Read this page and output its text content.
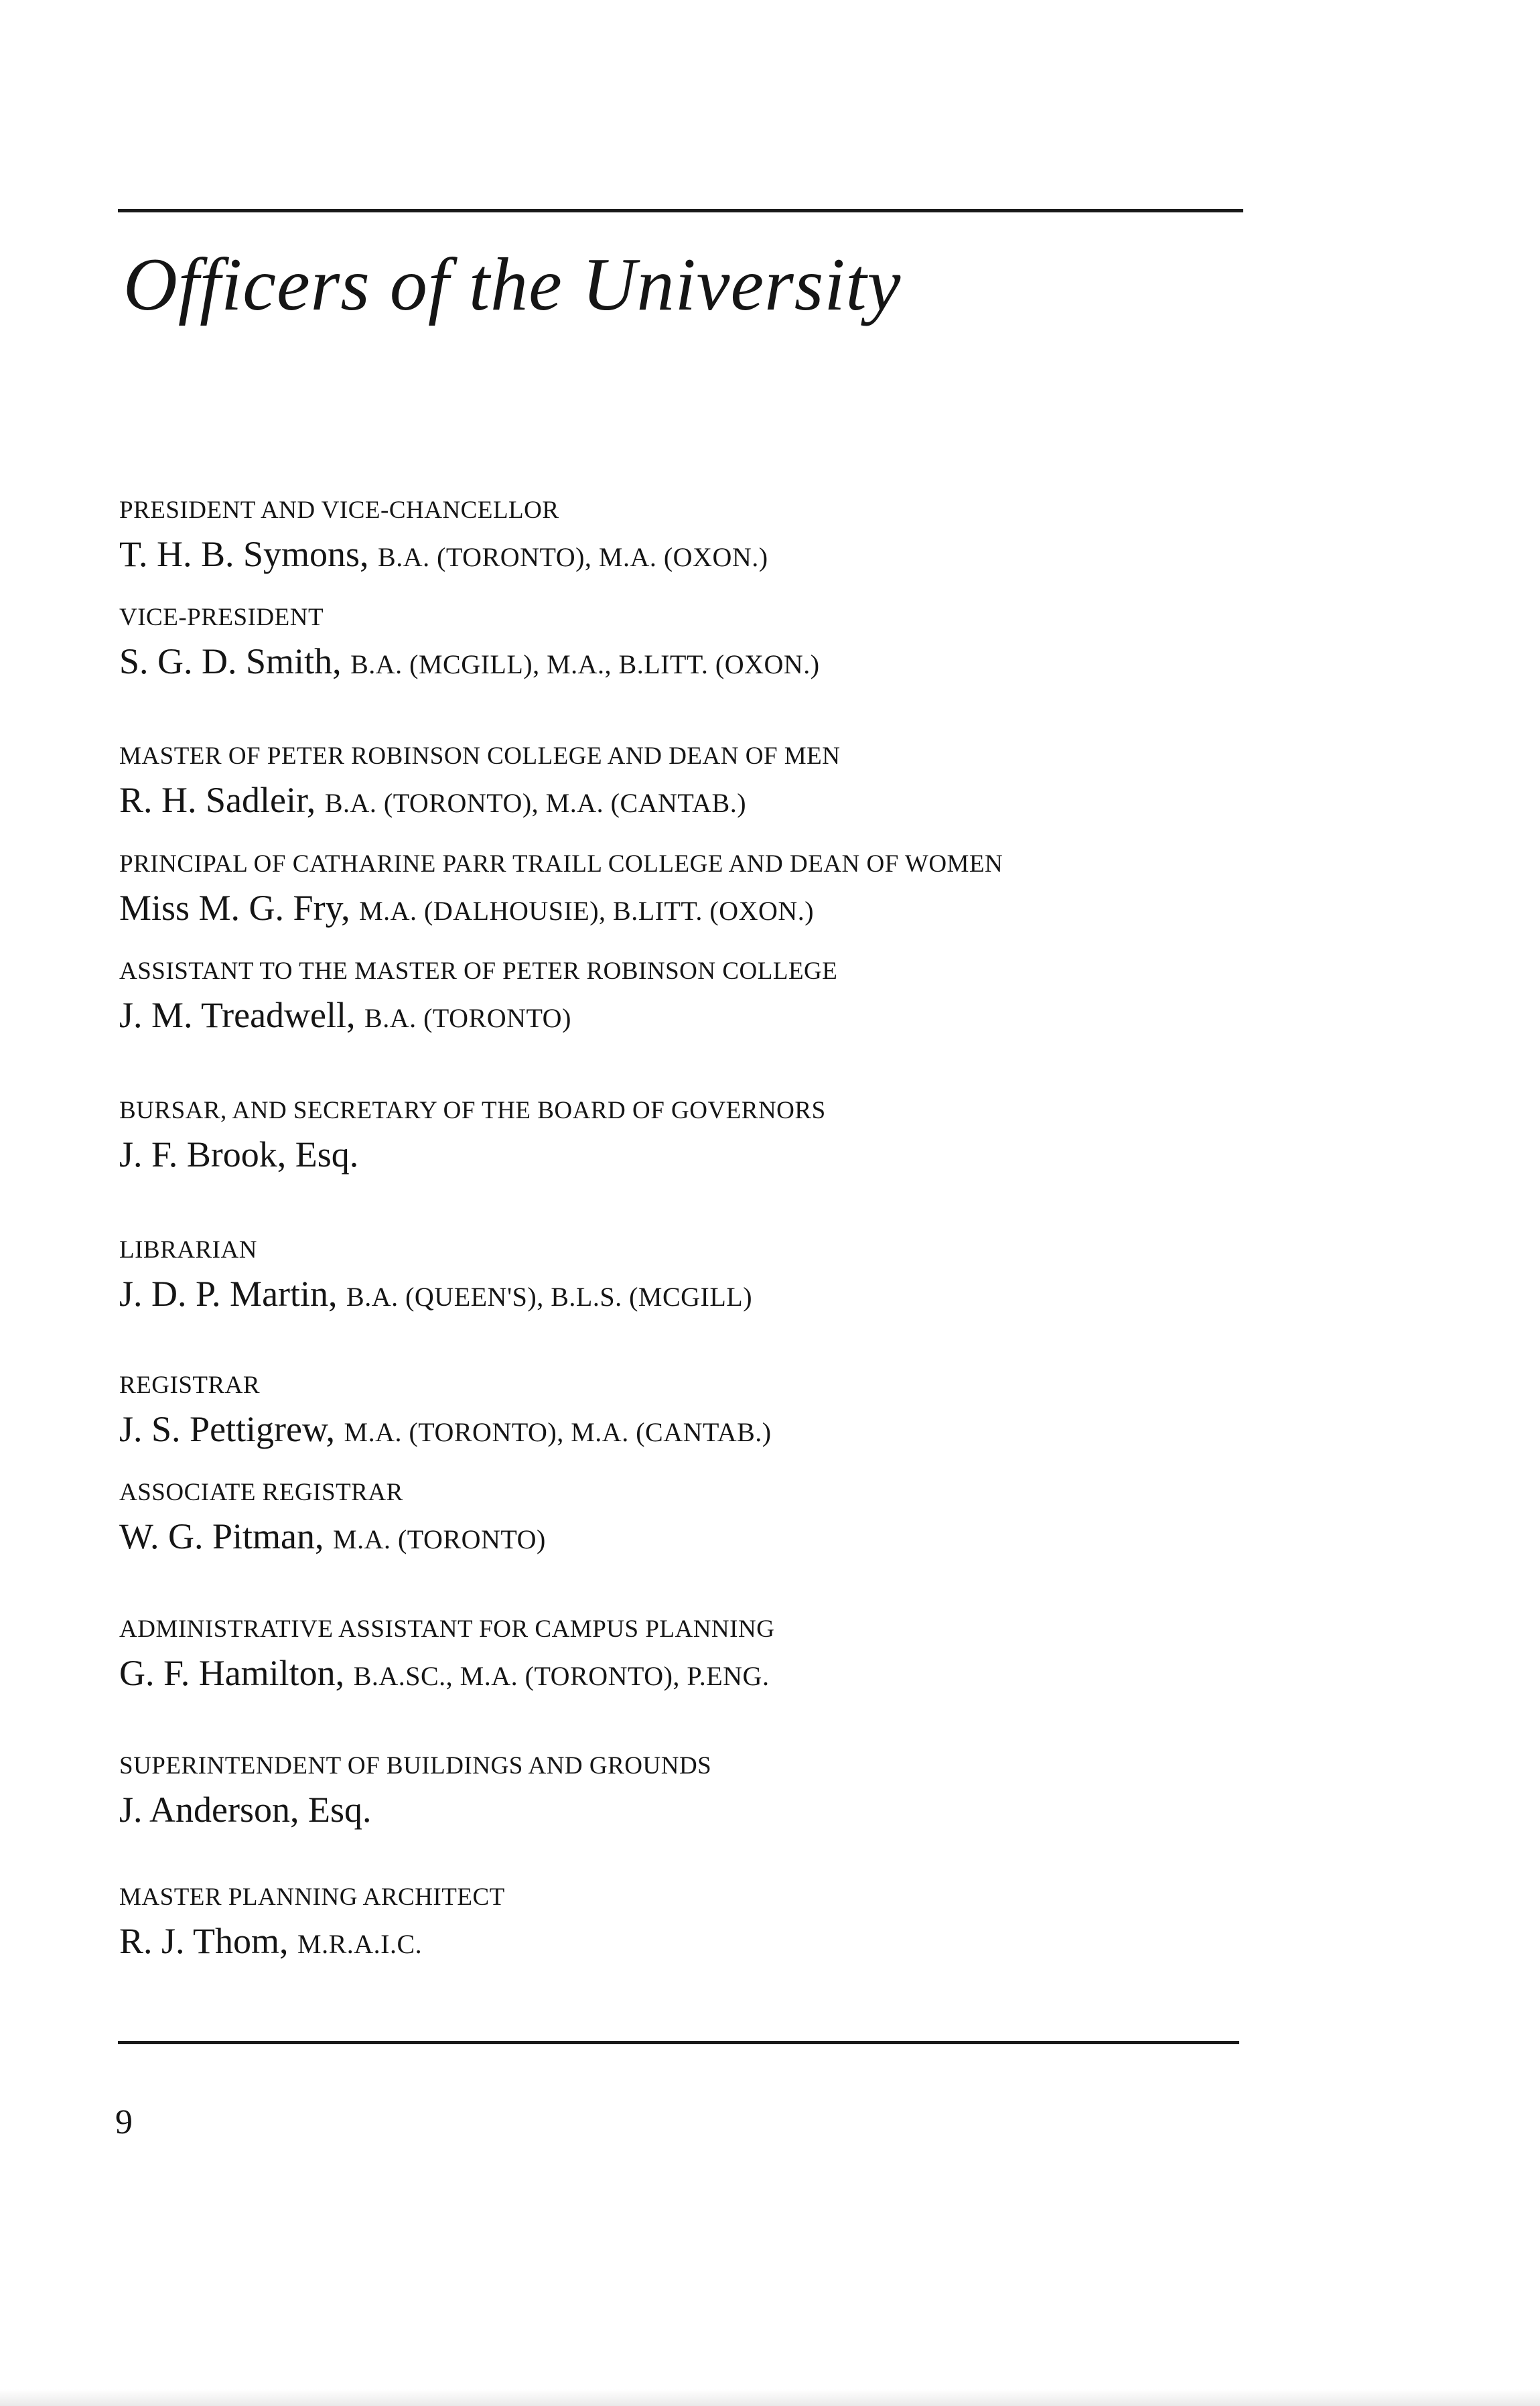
Officers of the University
PRESIDENT AND VICE-CHANCELLOR
T. H. B. Symons, B.A. (TORONTO), M.A. (OXON.)
VICE-PRESIDENT
S. G. D. Smith, B.A. (MCGILL), M.A., B.LITT. (OXON.)
MASTER OF PETER ROBINSON COLLEGE AND DEAN OF MEN
R. H. Sadleir, B.A. (TORONTO), M.A. (CANTAB.)
PRINCIPAL OF CATHARINE PARR TRAILL COLLEGE AND DEAN OF WOMEN
Miss M. G. Fry, M.A. (DALHOUSIE), B.LITT. (OXON.)
ASSISTANT TO THE MASTER OF PETER ROBINSON COLLEGE
J. M. Treadwell, B.A. (TORONTO)
BURSAR, AND SECRETARY OF THE BOARD OF GOVERNORS
J. F. Brook, Esq.
LIBRARIAN
J. D. P. Martin, B.A. (QUEEN'S), B.L.S. (MCGILL)
REGISTRAR
J. S. Pettigrew, M.A. (TORONTO), M.A. (CANTAB.)
ASSOCIATE REGISTRAR
W. G. Pitman, M.A. (TORONTO)
ADMINISTRATIVE ASSISTANT FOR CAMPUS PLANNING
G. F. Hamilton, B.A.SC., M.A. (TORONTO), P.ENG.
SUPERINTENDENT OF BUILDINGS AND GROUNDS
J. Anderson, Esq.
MASTER PLANNING ARCHITECT
R. J. Thom, M.R.A.I.C.
9
